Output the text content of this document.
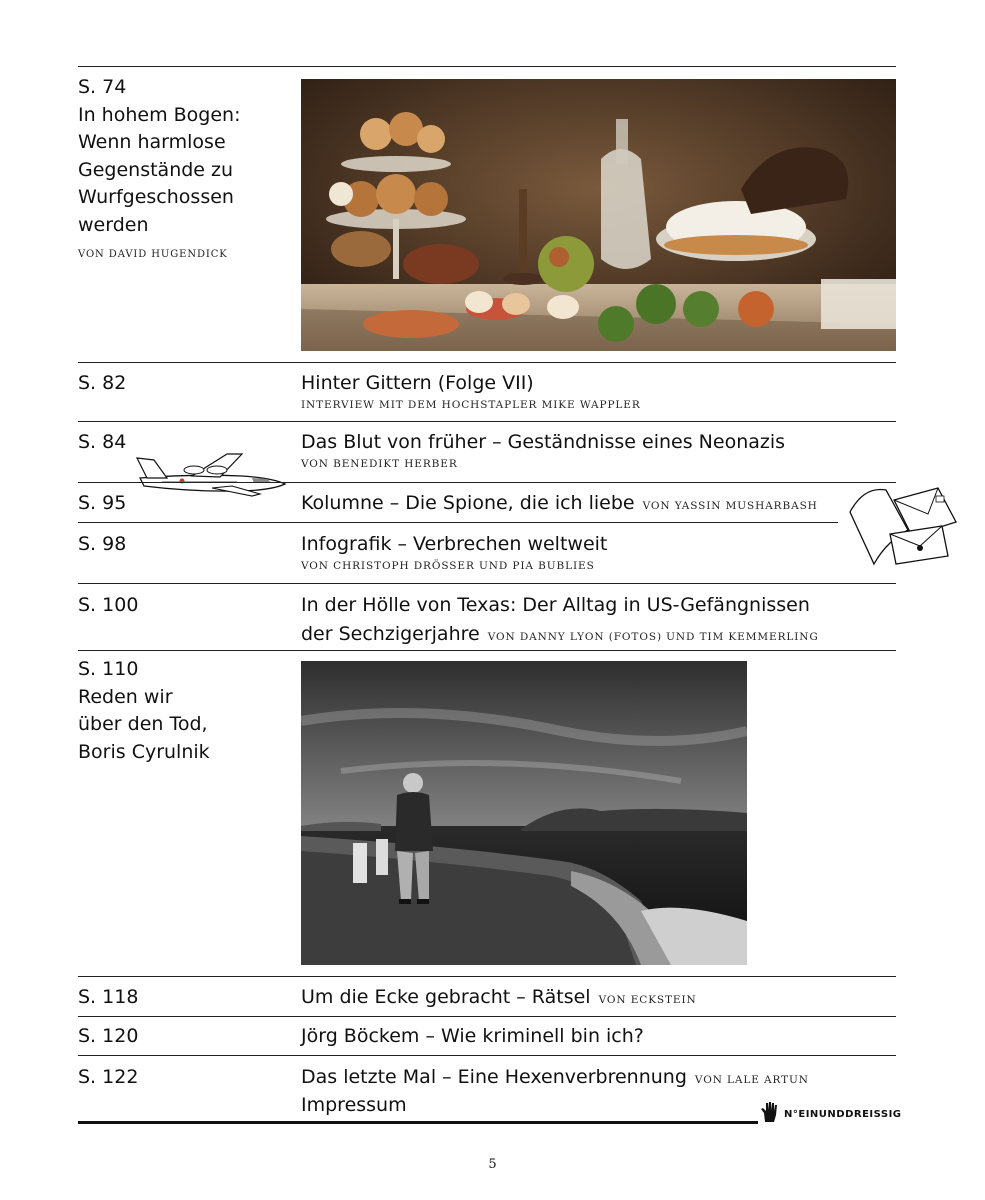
S. 74
In hohem Bogen:
Wenn harmlose
Gegenstände zu
Wurfgeschossen
werden
VON DAVID HUGENDICK
S. 82	Hinter Gittern (Folge VII)
INTERVIEW MIT DEM HOCHSTAPLER MIKE WAPPLER
S. 84	Das Blut von früher – Geständnisse eines Neonazis
VON BENEDIKT HERBER
S. 95	Kolumne – Die Spione, die ich liebe VON YASSIN MUSHARBASH
S. 98	Infografik – Verbrechen weltweit
VON CHRISTOPH DRÖSSER UND PIA BUBLIES
S. 100	In der Hölle von Texas: Der Alltag in US-Gefängnissen
der Sechzigerjahre VON DANNY LYON (FOTOS) UND TIM KEMMERLING
S. 110
Reden wir
über den Tod,
Boris Cyrulnik
S. 118	Um die Ecke gebracht – Rätsel VON ECKSTEIN
S. 120	Jörg Böckem – Wie kriminell bin ich?
S. 122	Das letzte Mal – Eine Hexenverbrennung VON LALE ARTUN
Impressum	N°EINUNDDREISSIG
5
